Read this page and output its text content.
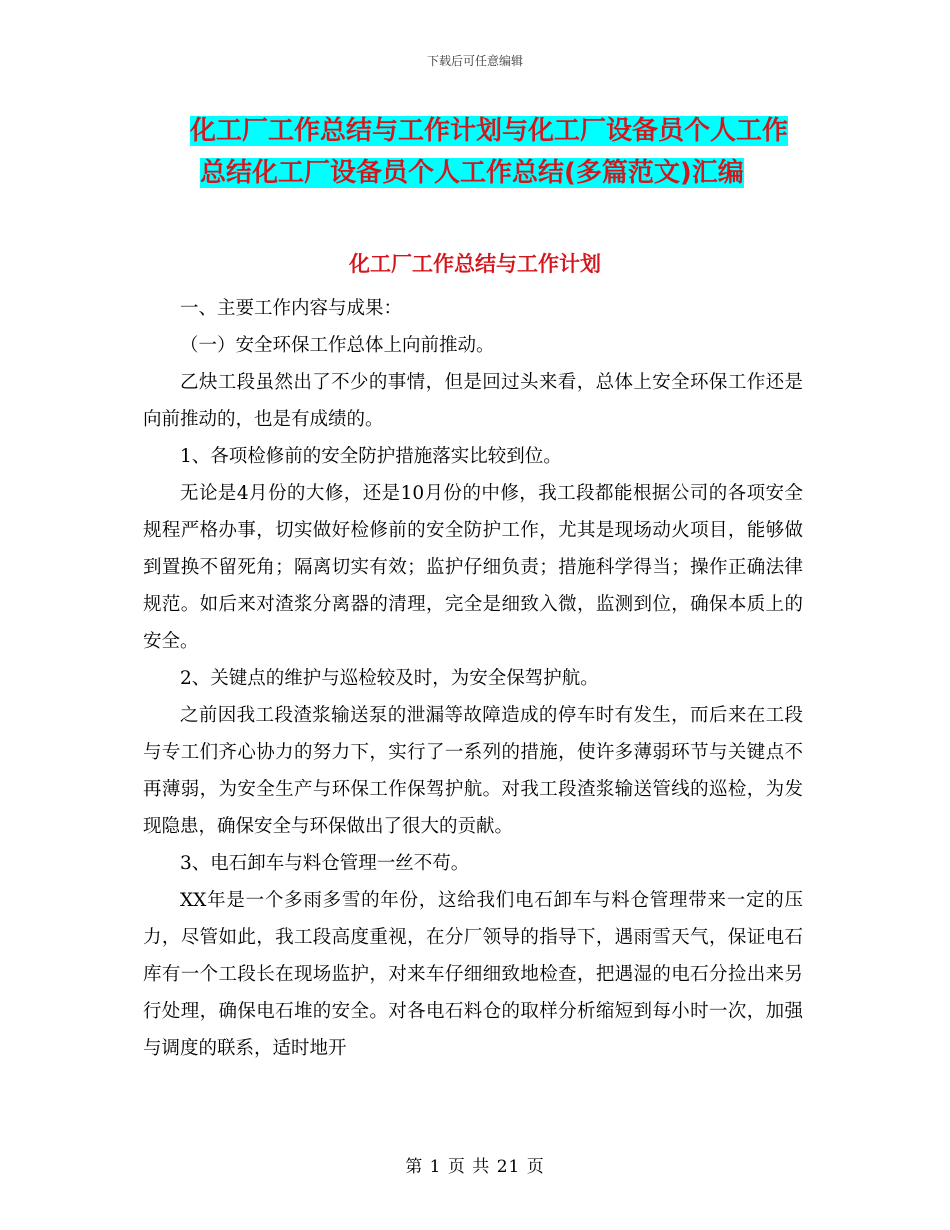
下载后可任意编辑
化工厂工作总结与工作计划与化工厂设备员个人工作
总结化工厂设备员个人工作总结(多篇范文)汇编
化工厂工作总结与工作计划

一、主要工作内容与成果：

（一）安全环保工作总体上向前推动。

乙炔工段虽然出了不少的事情，但是回过头来看，总体上安全环保工作还是向前推动的，也是有成绩的。

1、各项检修前的安全防护措施落实比较到位。

无论是4月份的大修，还是10月份的中修，我工段都能根据公司的各项安全规程严格办事，切实做好检修前的安全防护工作，尤其是现场动火项目，能够做到置换不留死角；隔离切实有效；监护仔细负责；措施科学得当；操作正确法律规范。如后来对渣浆分离器的清理，完全是细致入微，监测到位，确保本质上的安全。

2、关键点的维护与巡检较及时，为安全保驾护航。

之前因我工段渣浆输送泵的泄漏等故障造成的停车时有发生，而后来在工段与专工们齐心协力的努力下，实行了一系列的措施，使许多薄弱环节与关键点不再薄弱，为安全生产与环保工作保驾护航。对我工段渣浆输送管线的巡检，为发现隐患，确保安全与环保做出了很大的贡献。

3、电石卸车与料仓管理一丝不苟。

XX年是一个多雨多雪的年份，这给我们电石卸车与料仓管理带来一定的压力，尽管如此，我工段高度重视，在分厂领导的指导下，遇雨雪天气，保证电石库有一个工段长在现场监护，对来车仔细细致地检查，把遇湿的电石分捡出来另行处理，确保电石堆的安全。对各电石料仓的取样分析缩短到每小时一次，加强与调度的联系，适时地开

第 1 页 共 21 页
